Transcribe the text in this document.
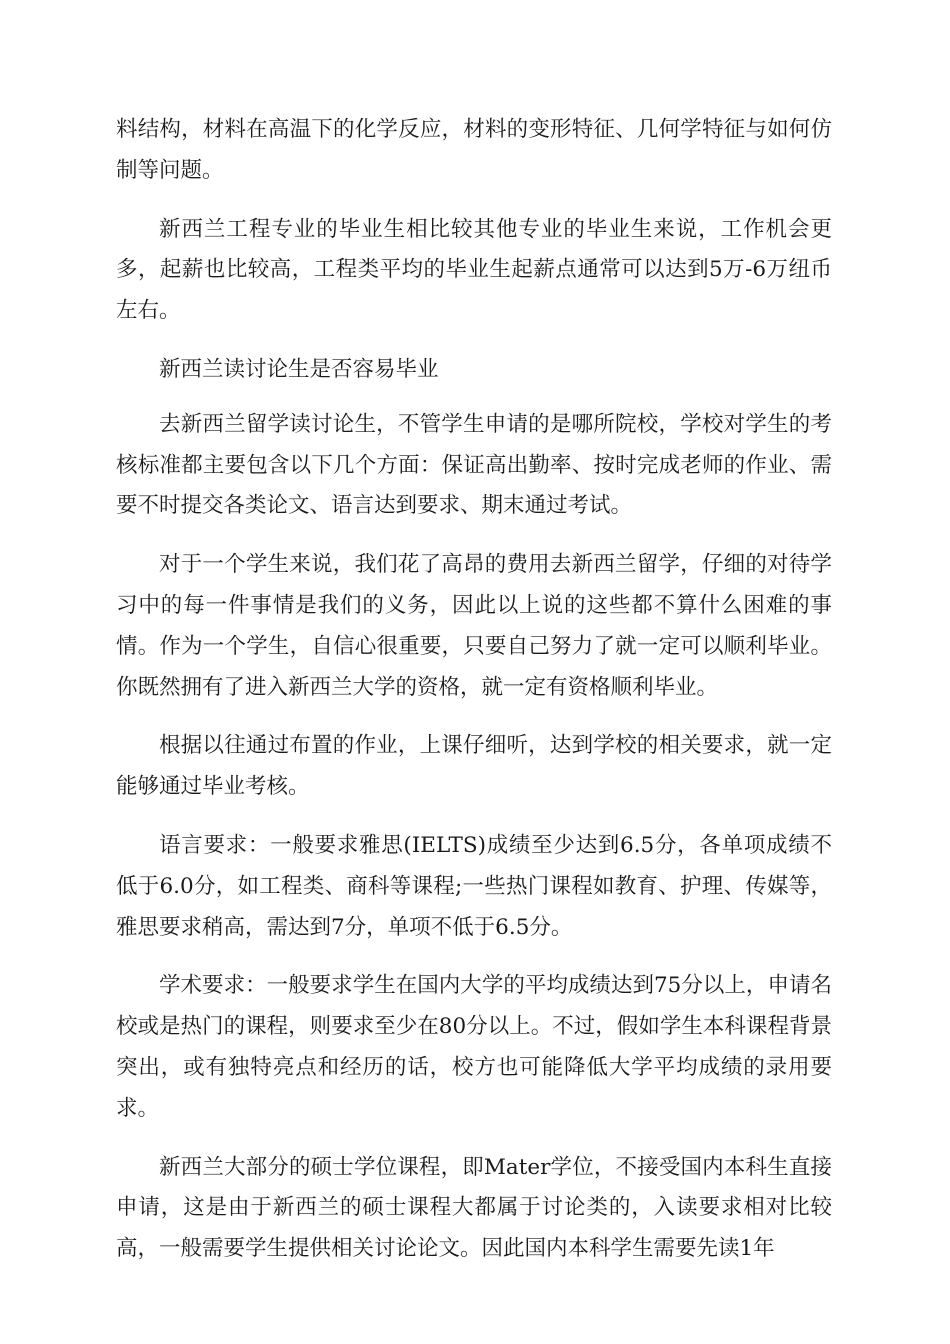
料结构，材料在高温下的化学反应，材料的变形特征、几何学特征与如何仿制等问题。

新西兰工程专业的毕业生相比较其他专业的毕业生来说，工作机会更多，起薪也比较高，工程类平均的毕业生起薪点通常可以达到5万-6万纽币左右。

新西兰读讨论生是否容易毕业

去新西兰留学读讨论生，不管学生申请的是哪所院校，学校对学生的考核标准都主要包含以下几个方面：保证高出勤率、按时完成老师的作业、需要不时提交各类论文、语言达到要求、期末通过考试。

对于一个学生来说，我们花了高昂的费用去新西兰留学，仔细的对待学习中的每一件事情是我们的义务，因此以上说的这些都不算什么困难的事情。作为一个学生，自信心很重要，只要自己努力了就一定可以顺利毕业。你既然拥有了进入新西兰大学的资格，就一定有资格顺利毕业。

根据以往通过布置的作业，上课仔细听，达到学校的相关要求，就一定能够通过毕业考核。

语言要求：一般要求雅思(IELTS)成绩至少达到6.5分，各单项成绩不低于6.0分，如工程类、商科等课程;一些热门课程如教育、护理、传媒等，雅思要求稍高，需达到7分，单项不低于6.5分。

学术要求：一般要求学生在国内大学的平均成绩达到75分以上，申请名校或是热门的课程，则要求至少在80分以上。不过，假如学生本科课程背景突出，或有独特亮点和经历的话，校方也可能降低大学平均成绩的录用要求。

新西兰大部分的硕士学位课程，即Mater学位，不接受国内本科生直接申请，这是由于新西兰的硕士课程大都属于讨论类的，入读要求相对比较高，一般需要学生提供相关讨论论文。因此国内本科学生需要先读1年
